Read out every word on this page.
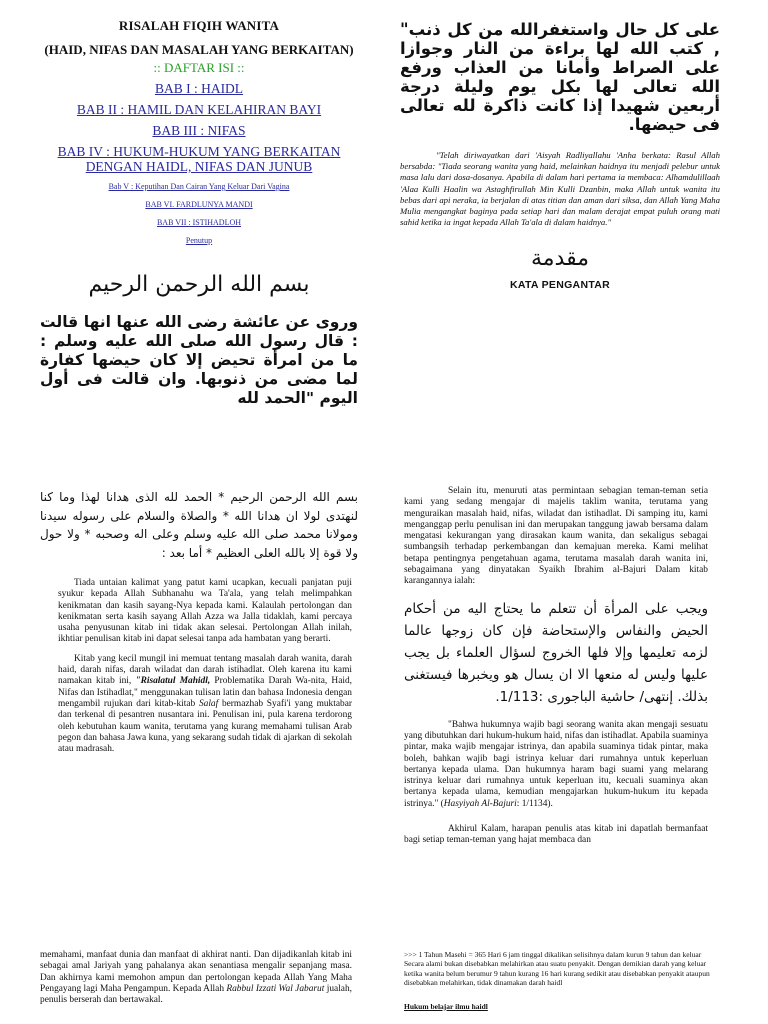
RISALAH FIQIH WANITA
(HAID, NIFAS DAN MASALAH YANG BERKAITAN)
:: DAFTAR ISI ::
BAB I : HAIDL
BAB II : HAMIL DAN KELAHIRAN BAYI
BAB III : NIFAS
BAB IV : HUKUM-HUKUM YANG BERKAITAN DENGAN HAIDL, NIFAS DAN JUNUB
Bab V : Keputihan Dan Cairan Yang Keluar Dari Vagina
BAB VI. FARDLUNYA MANDI
BAB VII : ISTIHADLOH
Penutup
بسم الله الرحمن الرحيم
وروى عن عائشة رضى الله عنها انها قالت : قال رسول الله صلى الله عليه وسلم : ما من امرأة تحيض إلا كان حيضها كفارة لما مضى من ذنوبها. وان قالت فى أول اليوم "الحمد لله
بسم الله الرحمن الرحيم * الحمد لله الذى هدانا لهذا وما كنا لنهتدى لولا ان هدانا الله * والصلاة والسلام على رسوله سيدنا ومولانا محمد صلى الله عليه وسلم وعلى اله وصحبه * ولا حول ولا قوة إلا بالله العلى العظيم * أما بعد :

Tiada untaian kalimat yang patut kami ucapkan, kecuali panjatan puji syukur kepada Allah Subhanahu wa Ta'ala, yang telah melimpahkan kenikmatan dan kasih sayang-Nya kepada kami. Kalaulah pertolongan dan kenikmatan serta kasih sayang Allah Azza wa Jalla tidaklah, kami percaya usaha penyusunan kitab ini tidak akan selesai. Pertolongan Allah inilah, ikhtiar penulisan kitab ini dapat selesai tanpa ada hambatan yang berarti.

Kitab yang kecil mungil ini memuat tentang masalah darah wanita, darah haid, darah nifas, darah wiladat dan darah istihadlat. Oleh karena itu kami namakan kitab ini, "Risalatul Mahidl, Problematika Darah Wa-nita, Haid, Nifas dan Istihadlat," menggunakan tulisan latin dan bahasa Indonesia dengan mengambil rujukan dari kitab-kitab Salaf bermazhab Syafi'i yang muktabar dan terkenal di pesantren nusantara ini. Penulisan ini, pula karena terdorong oleh kebutuhan kaum wanita, terutama yang kurang memahami tulisan Arab pegon dan bahasa Jawa kuna, yang sekarang sudah tidak di ajarkan di sekolah atau madrasah.

memahami, manfaat dunia dan manfaat di akhirat nanti. Dan dijadikanlah kitab ini sebagai amal Jariyah yang pahalanya akan senantiasa mengalir sepanjang masa. Dan akhirnya kami memohon ampun dan pertolongan kepada Allah Yang Maha Pengayang lagi Maha Pengampun. Kepada Allah Rabbul Izzati Wal Jabarut jualah, penulis berserah dan bertawakal.
على كل حال واستغفرالله من كل ذنب" , كتب الله لها براءة من النار وجوازا على الصراط وأمانا من العذاب ورفع الله تعالى لها بكل يوم وليلة درجة أربعين شهيدا إذا كانت ذاكرة لله تعالى فى حيضها.
"Telah diriwayatkan dari 'Aisyah Radliyallahu 'Anha berkata: Rasul Allah bersabda: "Tiada seorang wanita yang haid, melainkan haidnya itu menjadi pelebur untuk masa lalu dari dosa-dosanya. Apabila di dalam hari pertama ia membaca: Alhamdulillaah 'Alaa Kulli Haalin wa Astaghfirullah Min Kulli Dzanbin, maka Allah untuk wanita itu bebas dari api neraka, ia berjalan di atas titian dan aman dari siksa, dan Allah Yang Maha Mulia mengangkat baginya pada setiap hari dan malam derajat empat puluh orang mati sahid ketika ia ingat kepada Allah Ta'ala di dalam haidnya."
مقدمة
KATA PENGANTAR

Selain itu, menuruti atas permintaan sebagian teman-teman setia kami yang sedang mengajar di majelis taklim wanita, terutama yang menguraikan masalah haid, nifas, wiladat dan istihadlat. Di samping itu, kami menganggap perlu penulisan ini dan merupakan tanggung jawab bersama dalam mengatasi kekurangan yang dirasakan kaum wanita, dan sekaligus sebagai sumbangsih terhadap perkembangan dan kemajuan mereka. Kami melihat betapa pentingnya pengetahuan agama, terutama masalah darah wanita ini, sebagaimana yang dinyatakan Syaikh Ibrahim al-Bajuri Dalam kitab karangannya ialah:

ويجب على المرأة أن تتعلم ما يحتاج اليه من أحكام الحيض والنفاس والإستحاضة فإن كان زوجها عالما لزمه تعليمها وإلا فلها الخروج لسؤال العلماء بل يجب عليها وليس له منعها الا ان يسال هو ويخبرها فيستغنى بذلك. إنتهى/ حاشية الباجورى :1/113.

"Bahwa hukumnya wajib bagi seorang wanita akan mengaji sesuatu yang dibutuhkan dari hukum-hukum haid, nifas dan istihadlat. Apabila suaminya pintar, maka wajib mengajar istrinya, dan apabila suaminya tidak pintar, maka boleh, bahkan wajib bagi istrinya keluar dari rumahnya untuk keperluan bertanya kepada ulama. Dan hukumnya haram bagi suami yang melarang istrinya keluar dari rumahnya untuk keperluan itu, kecuali suaminya akan bertanya kepada ulama, kemudian mengajarkan hukum-hukum itu kepada istrinya." (Hasyiyah Al-Bajuri: 1/1134).

Akhirul Kalam, harapan penulis atas kitab ini dapatlah bermanfaat bagi setiap teman-teman yang hajat membaca dan

>>> 1 Tahun Masehi = 365 Hari 6 jam tinggal dikalikan selisihnya dalam kurun 9 tahun dan keluar Secara alami bukan disebabkan melahirkan atau suatu penyakit. Dengan demikian darah yang keluar ketika wanita belum berumur 9 tahun kurang 16 hari kurang sedikit atau disebabkan penyakit ataupun disebabkan melahirkan, tidak dinamakan darah haidl
Hukum belajar ilmu haidl
